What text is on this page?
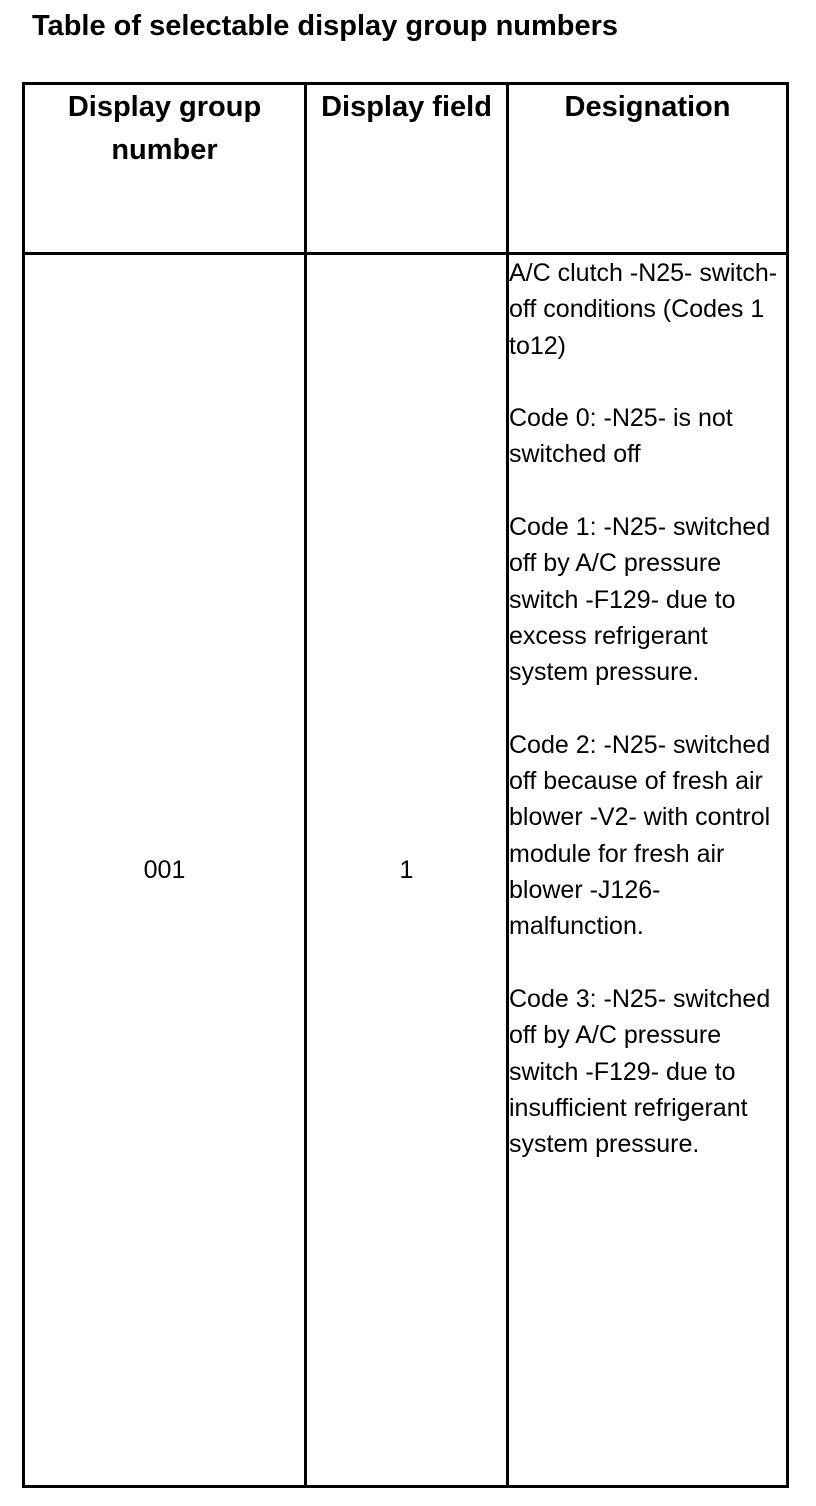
Table of selectable display group numbers
Display group number	Display field	Designation
001	1	A/C clutch -N25- switch-off conditions (Codes 1 to12)
Code 0: -N25- is not switched off
Code 1: -N25- switched off by A/C pressure switch -F129- due to excess refrigerant system pressure.
Code 2: -N25- switched off because of fresh air blower -V2- with control module for fresh air blower -J126- malfunction.
Code 3: -N25- switched off by A/C pressure switch -F129- due to insufficient refrigerant system pressure.
